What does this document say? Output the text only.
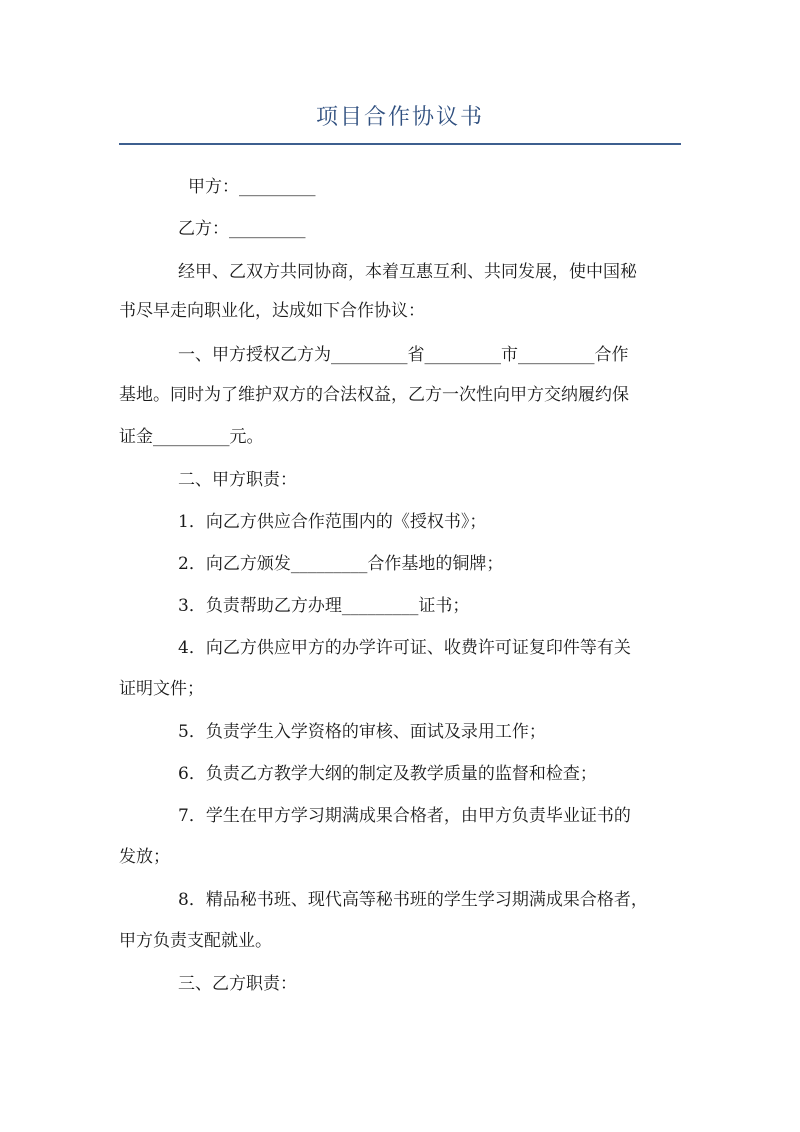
项目合作协议书
甲方：_________
乙方：_________
经甲、乙双方共同协商，本着互惠互利、共同发展，使中国秘
书尽早走向职业化，达成如下合作协议：
一、甲方授权乙方为_________省_________市_________合作
基地。同时为了维护双方的合法权益，乙方一次性向甲方交纳履约保
证金_________元。
二、甲方职责：
1．向乙方供应合作范围内的《授权书》；
2．向乙方颁发_________合作基地的铜牌；
3．负责帮助乙方办理_________证书；
4．向乙方供应甲方的办学许可证、收费许可证复印件等有关
证明文件；
5．负责学生入学资格的审核、面试及录用工作；
6．负责乙方教学大纲的制定及教学质量的监督和检查；
7．学生在甲方学习期满成果合格者，由甲方负责毕业证书的
发放；
8．精品秘书班、现代高等秘书班的学生学习期满成果合格者，
甲方负责支配就业。
三、乙方职责：
